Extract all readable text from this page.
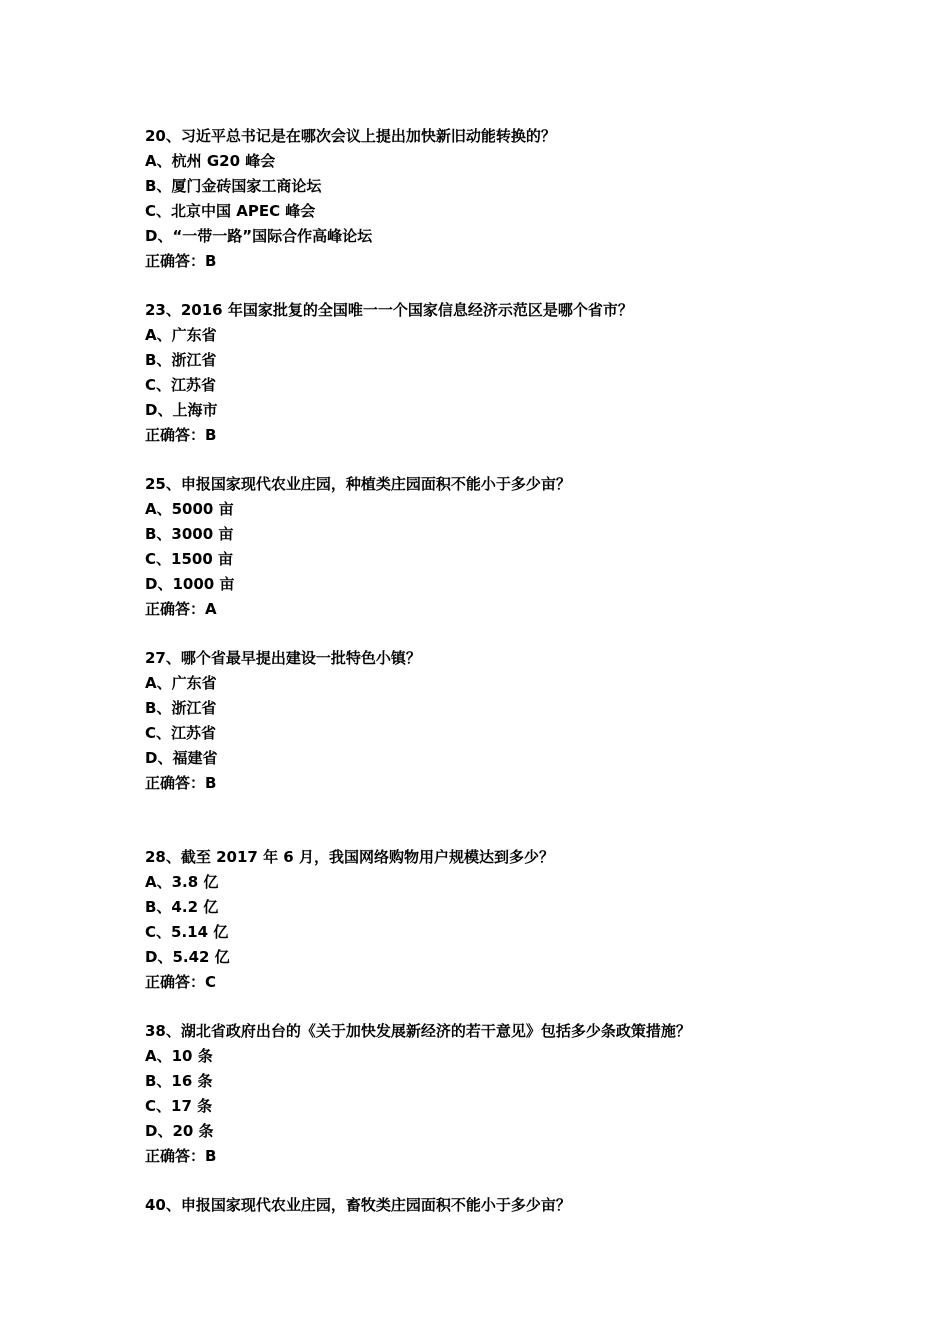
20、习近平总书记是在哪次会议上提出加快新旧动能转换的？
A、杭州 G20 峰会
B、厦门金砖国家工商论坛
C、北京中国 APEC 峰会
D、“一带一路”国际合作高峰论坛
正确答：B
23、2016 年国家批复的全国唯一一个国家信息经济示范区是哪个省市？
A、广东省
B、浙江省
C、江苏省
D、上海市
正确答：B
25、申报国家现代农业庄园，种植类庄园面积不能小于多少亩？
A、5000 亩
B、3000 亩
C、1500 亩
D、1000 亩
正确答：A
27、哪个省最早提出建设一批特色小镇？
A、广东省
B、浙江省
C、江苏省
D、福建省
正确答：B
28、截至 2017 年 6 月，我国网络购物用户规模达到多少？
A、3.8 亿
B、4.2 亿
C、5.14 亿
D、5.42 亿
正确答：C
38、湖北省政府出台的《关于加快发展新经济的若干意见》包括多少条政策措施？
A、10 条
B、16 条
C、17 条
D、20 条
正确答：B
40、申报国家现代农业庄园，畜牧类庄园面积不能小于多少亩？
